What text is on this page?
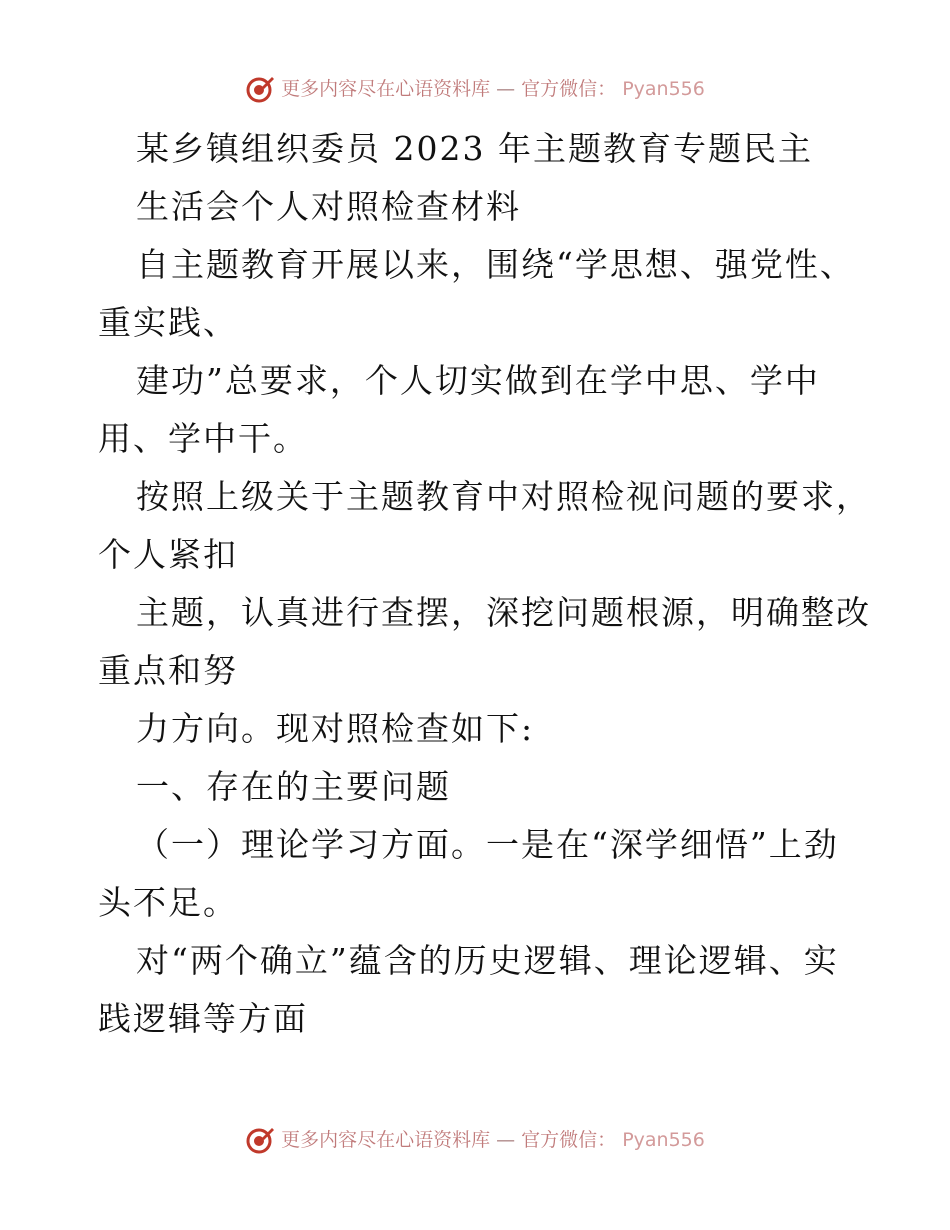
更多内容尽在心语资料库 — 官方微信： Pyan556
某乡镇组织委员 2023 年主题教育专题民主
生活会个人对照检查材料
自主题教育开展以来，围绕“学思想、强党性、
重实践、
建功”总要求，个人切实做到在学中思、学中
用、学中干。
按照上级关于主题教育中对照检视问题的要求，
个人紧扣
主题，认真进行查摆，深挖问题根源，明确整改
重点和努
力方向。现对照检查如下:
一、存在的主要问题
（一）理论学习方面。一是在“深学细悟”上劲
头不足。
对“两个确立”蕴含的历史逻辑、理论逻辑、实
践逻辑等方面
更多内容尽在心语资料库 — 官方微信： Pyan556
